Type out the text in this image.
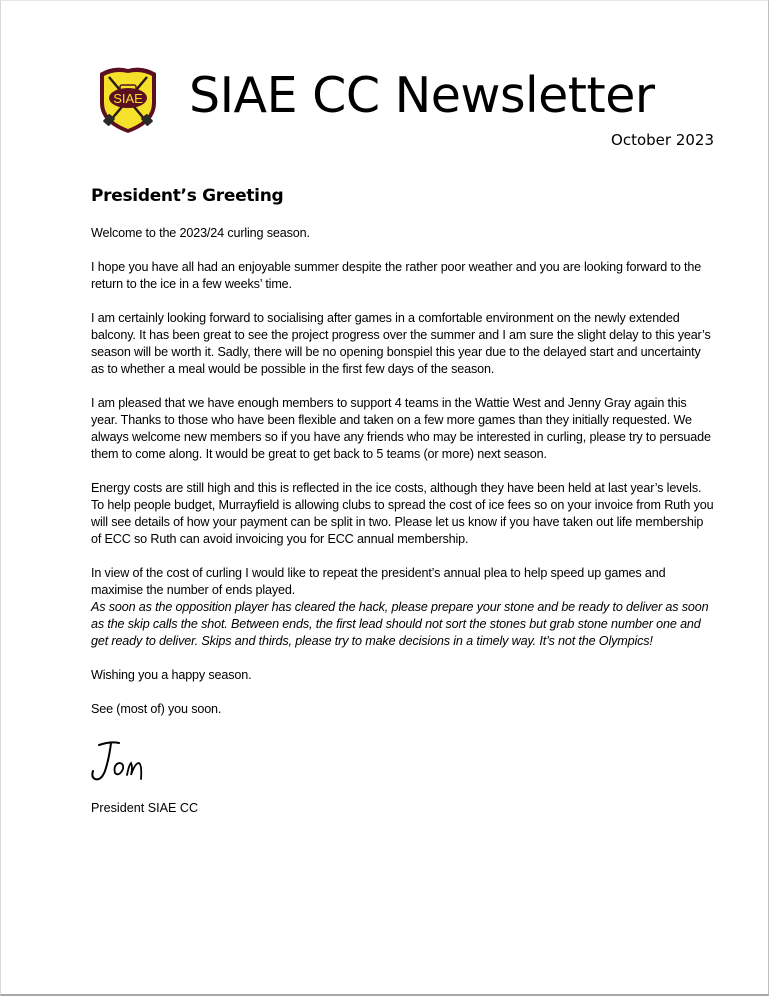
SIAE SIAE CC Newsletter
October 2023
President’s Greeting

Welcome to the 2023/24 curling season.

I hope you have all had an enjoyable summer despite the rather poor weather and you are looking forward to the return to the ice in a few weeks’ time.

I am certainly looking forward to socialising after games in a comfortable environment on the newly extended balcony. It has been great to see the project progress over the summer and I am sure the slight delay to this year’s season will be worth it. Sadly, there will be no opening bonspiel this year due to the delayed start and uncertainty as to whether a meal would be possible in the first few days of the season.

I am pleased that we have enough members to support 4 teams in the Wattie West and Jenny Gray again this year. Thanks to those who have been flexible and taken on a few more games than they initially requested. We always welcome new members so if you have any friends who may be interested in curling, please try to persuade them to come along. It would be great to get back to 5 teams (or more) next season.

Energy costs are still high and this is reflected in the ice costs, although they have been held at last year’s levels. To help people budget, Murrayfield is allowing clubs to spread the cost of ice fees so on your invoice from Ruth you will see details of how your payment can be split in two. Please let us know if you have taken out life membership of ECC so Ruth can avoid invoicing you for ECC annual membership.

In view of the cost of curling I would like to repeat the president’s annual plea to help speed up games and maximise the number of ends played.

As soon as the opposition player has cleared the hack, please prepare your stone and be ready to deliver as soon as the skip calls the shot. Between ends, the first lead should not sort the stones but grab stone number one and get ready to deliver. Skips and thirds, please try to make decisions in a timely way. It’s not the Olympics!

Wishing you a happy season.

See (most of) you soon.

President SIAE CC
